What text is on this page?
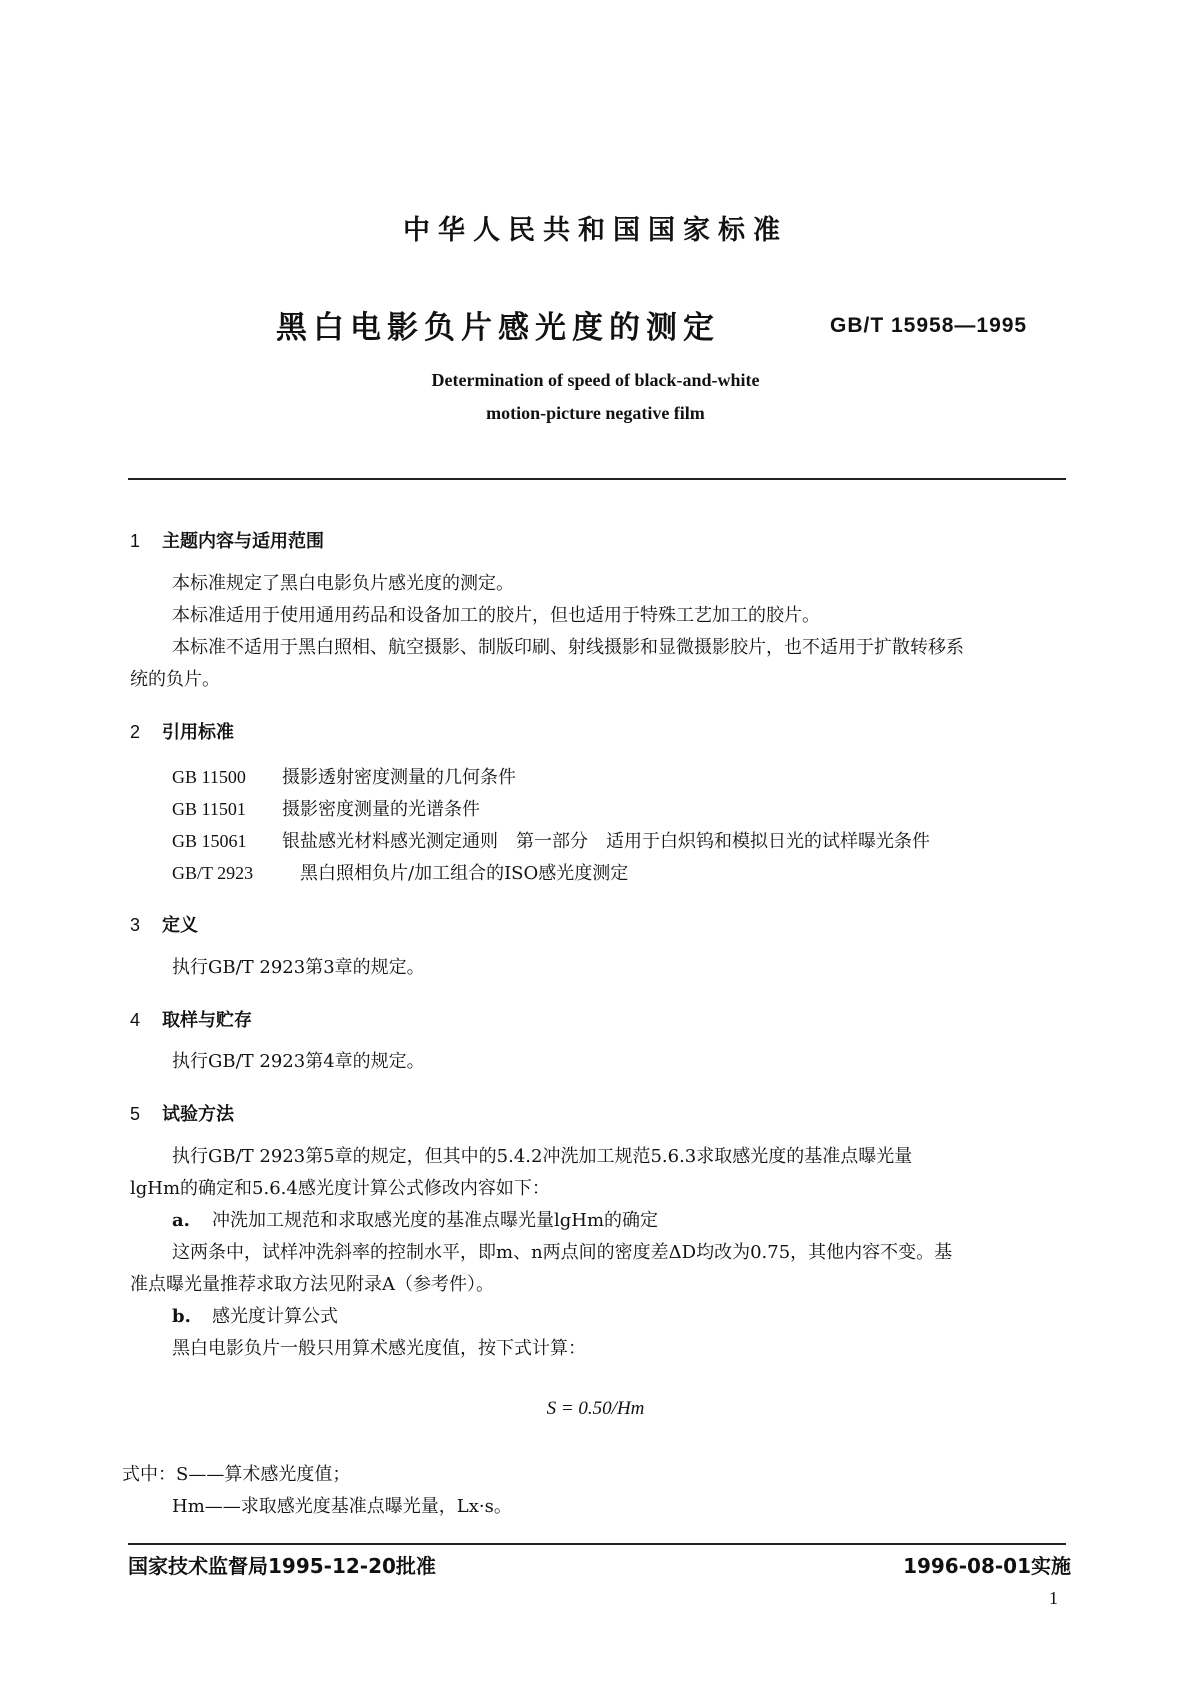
中华人民共和国国家标准
黑白电影负片感光度的测定	GB/T 15958—1995
Determination of speed of black-and-white
motion-picture negative film
1 主题内容与适用范围
本标准规定了黑白电影负片感光度的测定。
本标准适用于使用通用药品和设备加工的胶片，但也适用于特殊工艺加工的胶片。
本标准不适用于黑白照相、航空摄影、制版印刷、射线摄影和显微摄影胶片，也不适用于扩散转移系
统的负片。
2 引用标准
GB 11500 摄影透射密度测量的几何条件
GB 11501 摄影密度测量的光谱条件
GB 15061 银盐感光材料感光测定通则　第一部分　适用于白炽钨和模拟日光的试样曝光条件
GB/T 2923	黑白照相负片/加工组合的ISO感光度测定
3 定义
执行GB/T 2923第3章的规定。
4 取样与贮存
执行GB/T 2923第4章的规定。
5 试验方法
执行GB/T 2923第5章的规定，但其中的5.4.2冲洗加工规范5.6.3求取感光度的基准点曝光量
lgHm的确定和5.6.4感光度计算公式修改内容如下：
a. 冲洗加工规范和求取感光度的基准点曝光量lgHm的确定
这两条中，试样冲洗斜率的控制水平，即m、n两点间的密度差ΔD均改为0.75，其他内容不变。基
准点曝光量推荐求取方法见附录A（参考件）。
b. 感光度计算公式
黑白电影负片一般只用算术感光度值，按下式计算：
S = 0.50/Hm
式中：S——算术感光度值；
Hm——求取感光度基准点曝光量，Lx·s。
国家技术监督局1995-12-20批准	1996-08-01实施
1
